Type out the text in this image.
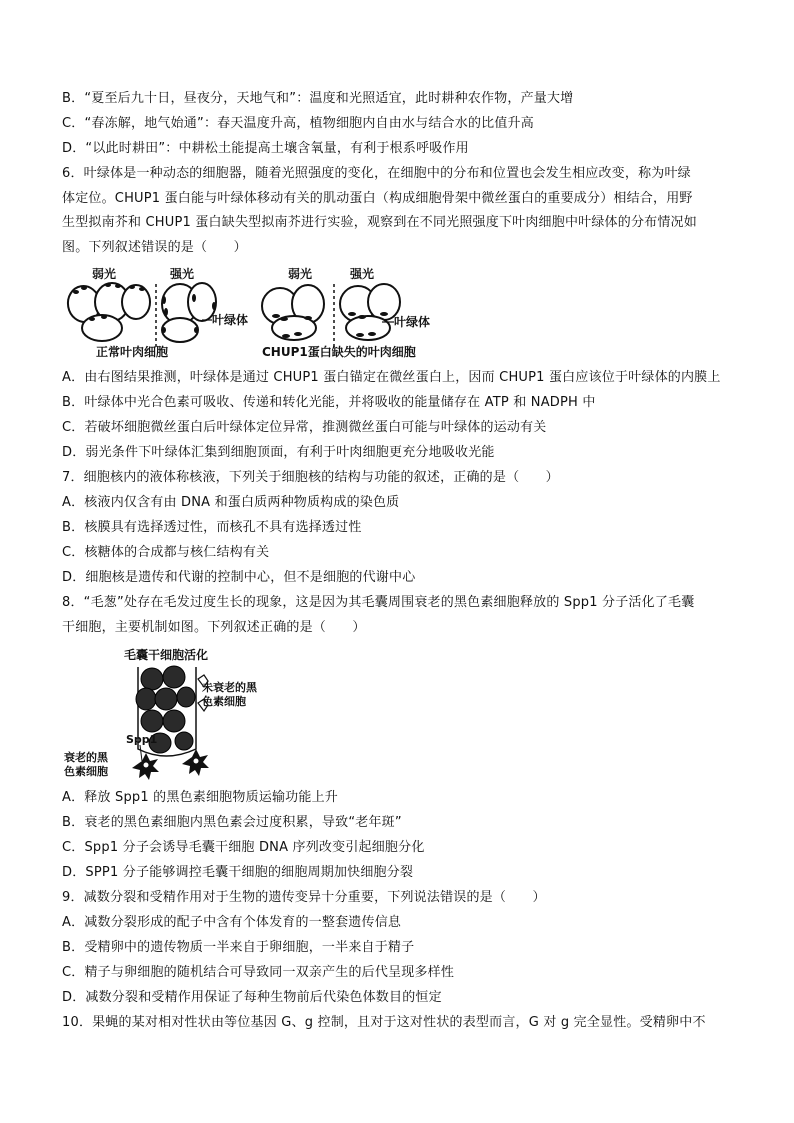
B．“夏至后九十日，昼夜分，天地气和”：温度和光照适宜，此时耕种农作物，产量大增
C．“春冻解，地气始通”：春天温度升高，植物细胞内自由水与结合水的比值升高
D．“以此时耕田”：中耕松土能提高土壤含氧量，有利于根系呼吸作用
6．叶绿体是一种动态的细胞器，随着光照强度的变化，在细胞中的分布和位置也会发生相应改变，称为叶绿
体定位。CHUP1 蛋白能与叶绿体移动有关的肌动蛋白（构成细胞骨架中微丝蛋白的重要成分）相结合，用野
生型拟南芥和 CHUP1 蛋白缺失型拟南芥进行实验，观察到在不同光照强度下叶肉细胞中叶绿体的分布情况如
图。下列叙述错误的是（　　）
弱光	强光
叶绿体
正常叶肉细胞
弱光	强光
叶绿体
CHUP1蛋白缺失的叶肉细胞
A．由右图结果推测，叶绿体是通过 CHUP1 蛋白锚定在微丝蛋白上，因而 CHUP1 蛋白应该位于叶绿体的内膜上
B．叶绿体中光合色素可吸收、传递和转化光能，并将吸收的能量储存在 ATP 和 NADPH 中
C．若破坏细胞微丝蛋白后叶绿体定位异常，推测微丝蛋白可能与叶绿体的运动有关
D．弱光条件下叶绿体汇集到细胞顶面，有利于叶肉细胞更充分地吸收光能
7．细胞核内的液体称核液，下列关于细胞核的结构与功能的叙述，正确的是（　　）
A．核液内仅含有由 DNA 和蛋白质两种物质构成的染色质
B．核膜具有选择透过性，而核孔不具有选择透过性
C．核糖体的合成都与核仁结构有关
D．细胞核是遗传和代谢的控制中心，但不是细胞的代谢中心
8．“毛葱”处存在毛发过度生长的现象，这是因为其毛囊周围衰老的黑色素细胞释放的 Spp1 分子活化了毛囊
干细胞，主要机制如图。下列叙述正确的是（　　）
毛囊干细胞活化
未衰老的黑
色素细胞
Spp1
衰老的黑
色素细胞
A．释放 Spp1 的黑色素细胞物质运输功能上升
B．衰老的黑色素细胞内黑色素会过度积累，导致“老年斑”
C．Spp1 分子会诱导毛囊干细胞 DNA 序列改变引起细胞分化
D．SPP1 分子能够调控毛囊干细胞的细胞周期加快细胞分裂
9．减数分裂和受精作用对于生物的遗传变异十分重要，下列说法错误的是（　　）
A．减数分裂形成的配子中含有个体发育的一整套遗传信息
B．受精卵中的遗传物质一半来自于卵细胞，一半来自于精子
C．精子与卵细胞的随机结合可导致同一双亲产生的后代呈现多样性
D．减数分裂和受精作用保证了每种生物前后代染色体数目的恒定
10．果蝇的某对相对性状由等位基因 G、g 控制，且对于这对性状的表型而言，G 对 g 完全显性。受精卵中不
